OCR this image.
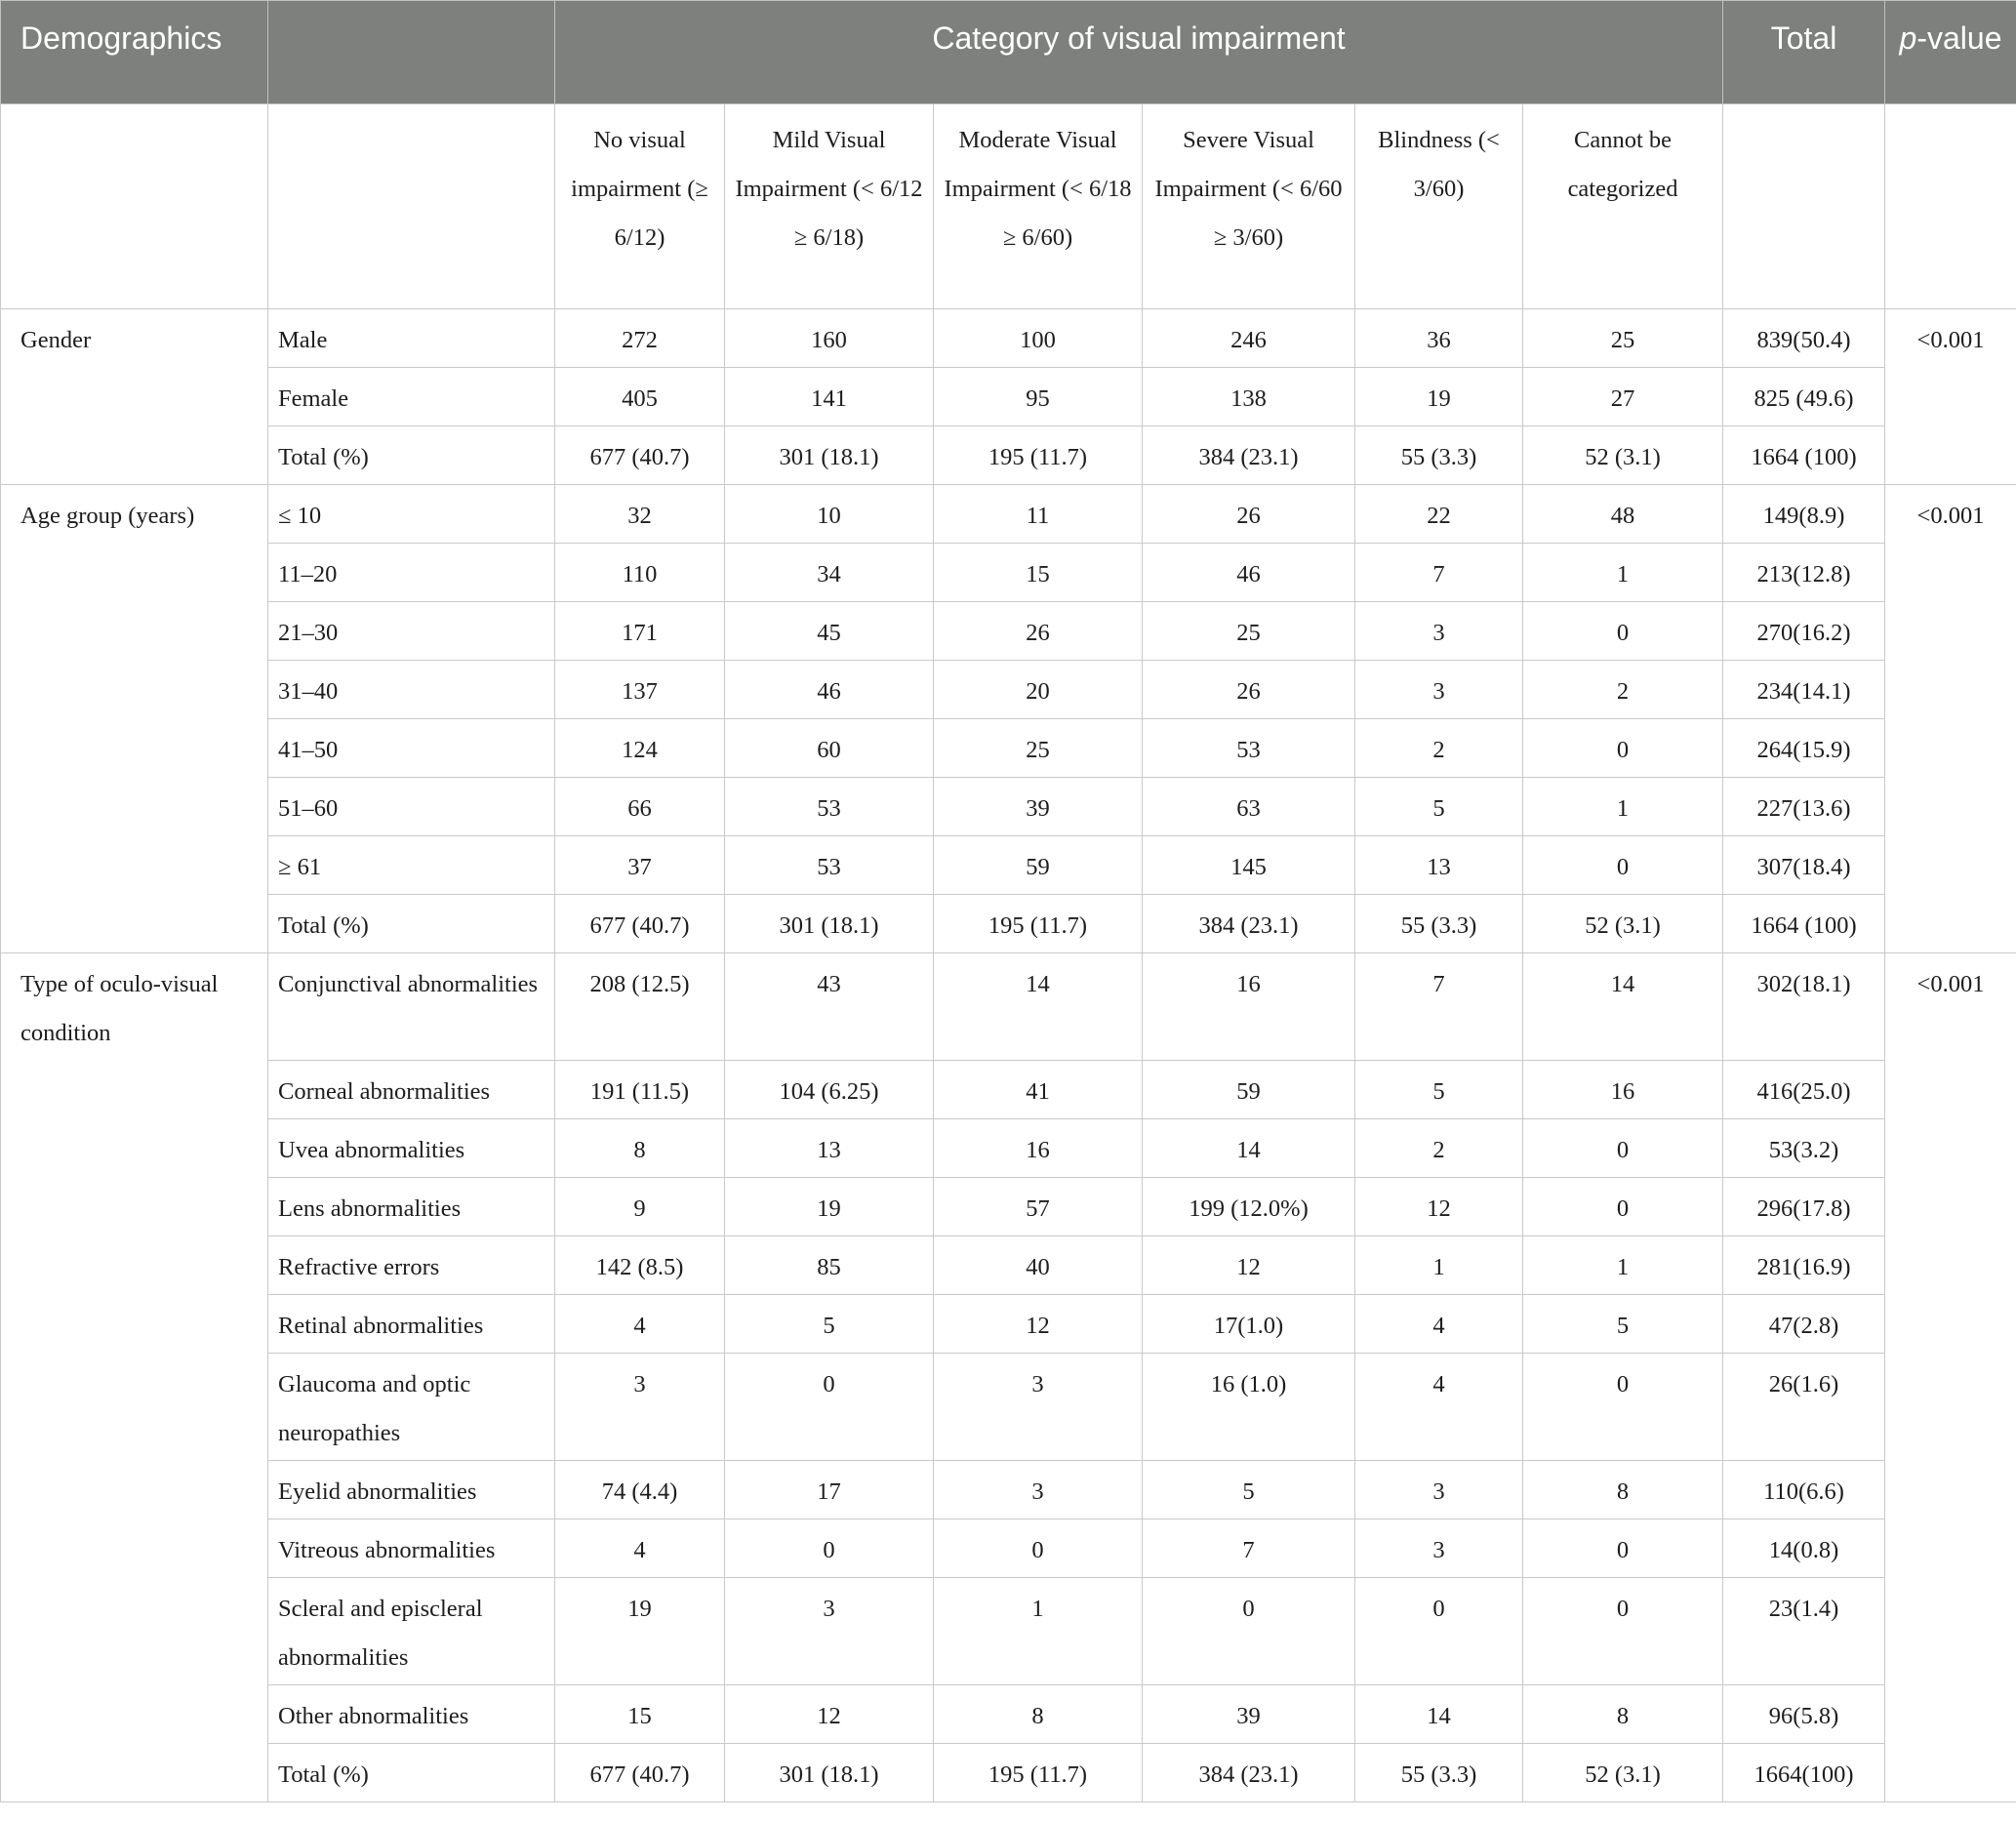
Demographics		Category of visual impairment						Total	p-value
		No visual impairment (≥ 6/12)	Mild Visual Impairment (< 6/12 ≥ 6/18)	Moderate Visual Impairment (< 6/18 ≥ 6/60)	Severe Visual Impairment (< 6/60 ≥ 3/60)	Blindness (< 3/60)	Cannot be categorized		
Gender	Male	272	160	100	246	36	25	839(50.4)	<0.001
	Female	405	141	95	138	19	27	825 (49.6)	
	Total (%)	677 (40.7)	301 (18.1)	195 (11.7)	384 (23.1)	55 (3.3)	52 (3.1)	1664 (100)	
Age group (years)	≤ 10	32	10	11	26	22	48	149(8.9)	<0.001
	11–20	110	34	15	46	7	1	213(12.8)	
	21–30	171	45	26	25	3	0	270(16.2)	
	31–40	137	46	20	26	3	2	234(14.1)	
	41–50	124	60	25	53	2	0	264(15.9)	
	51–60	66	53	39	63	5	1	227(13.6)	
	≥ 61	37	53	59	145	13	0	307(18.4)	
	Total (%)	677 (40.7)	301 (18.1)	195 (11.7)	384 (23.1)	55 (3.3)	52 (3.1)	1664 (100)	
Type of oculo-visual condition	Conjunctival abnormalities	208 (12.5)	43	14	16	7	14	302(18.1)	<0.001
	Corneal abnormalities	191 (11.5)	104 (6.25)	41	59	5	16	416(25.0)	
	Uvea abnormalities	8	13	16	14	2	0	53(3.2)	
	Lens abnormalities	9	19	57	199 (12.0%)	12	0	296(17.8)	
	Refractive errors	142 (8.5)	85	40	12	1	1	281(16.9)	
	Retinal abnormalities	4	5	12	17(1.0)	4	5	47(2.8)	
	Glaucoma and optic neuropathies	3	0	3	16 (1.0)	4	0	26(1.6)	
	Eyelid abnormalities	74 (4.4)	17	3	5	3	8	110(6.6)	
	Vitreous abnormalities	4	0	0	7	3	0	14(0.8)	
	Scleral and episcleral abnormalities	19	3	1	0	0	0	23(1.4)	
	Other abnormalities	15	12	8	39	14	8	96(5.8)	
	Total (%)	677 (40.7)	301 (18.1)	195 (11.7)	384 (23.1)	55 (3.3)	52 (3.1)	1664(100)	
